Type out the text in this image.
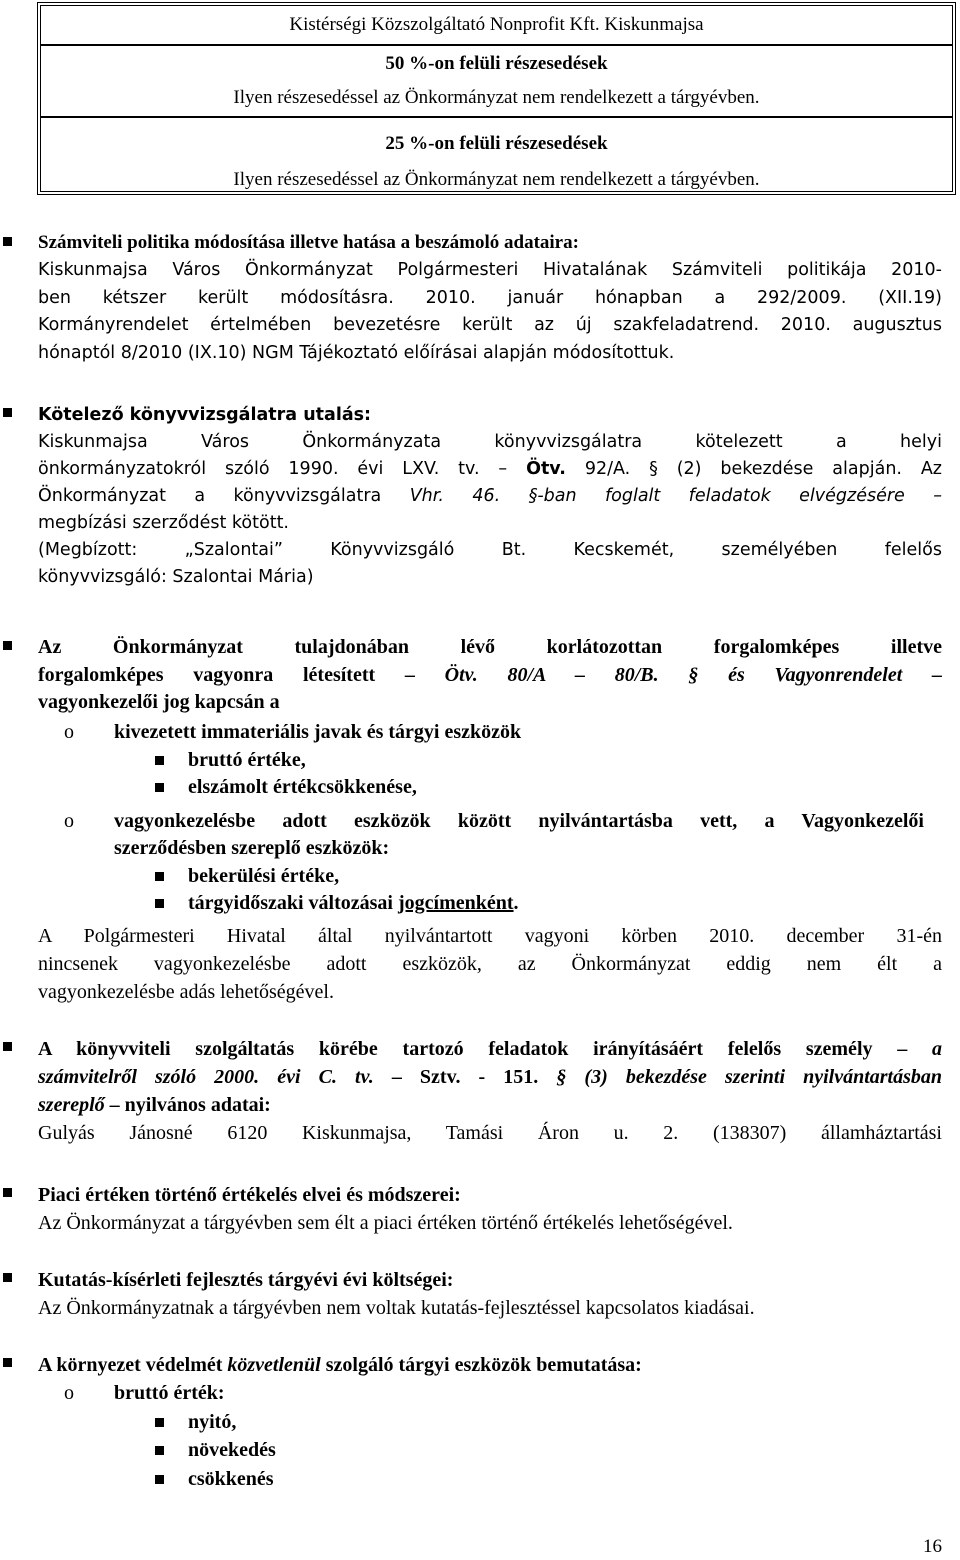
Kistérségi Közszolgáltató Nonprofit Kft. Kiskunmajsa
50 %-on felüli részesedések
Ilyen részesedéssel az Önkormányzat nem rendelkezett a tárgyévben.
25 %-on felüli részesedések
Ilyen részesedéssel az Önkormányzat nem rendelkezett a tárgyévben.

Számviteli politika módosítása illetve hatása a beszámoló adataira:

Kiskunmajsa Város Önkormányzat Polgármesteri Hivatalának Számviteli politikája 2010-

ben kétszer került módosításra. 2010. január hónapban a 292/2009. (XII.19)

Kormányrendelet értelmében bevezetésre került az új szakfeladatrend. 2010. augusztus

hónaptól 8/2010 (IX.10) NGM Tájékoztató előírásai alapján módosítottuk.

Kötelező könyvvizsgálatra utalás:

Kiskunmajsa Város Önkormányzata könyvvizsgálatra kötelezett a helyi

önkormányzatokról szóló 1990. évi LXV. tv. – Ötv. 92/A. § (2) bekezdése alapján. Az

Önkormányzat a könyvvizsgálatra Vhr. 46. §-ban foglalt feladatok elvégzésére –

megbízási szerződést kötött.

(Megbízott: „Szalontai” Könyvvizsgáló Bt. Kecskemét, személyében felelős

könyvvizsgáló: Szalontai Mária)

Az Önkormányzat tulajdonában lévő korlátozottan forgalomképes illetve

forgalomképes vagyonra létesített – Ötv. 80/A – 80/B. § és Vagyonrendelet –

vagyonkezelői jog kapcsán a

o kivezetett immateriális javak és tárgyi eszközök
bruttó értéke,
elszámolt értékcsökkenése,
o vagyonkezelésbe adott eszközök között nyilvántartásba vett, a Vagyonkezelői
szerződésben szereplő eszközök:
bekerülési értéke,
tárgyidőszaki változásai jogcímenként.

A Polgármesteri Hivatal által nyilvántartott vagyoni körben 2010. december 31-én

nincsenek vagyonkezelésbe adott eszközök, az Önkormányzat eddig nem élt a

vagyonkezelésbe adás lehetőségével.

A könyvviteli szolgáltatás körébe tartozó feladatok irányításáért felelős személy – a

számvitelről szóló 2000. évi C. tv. – Sztv. - 151. § (3) bekezdése szerinti nyilvántartásban

szereplő – nyilvános adatai:

Gulyás Jánosné 6120 Kiskunmajsa, Tamási Áron u. 2. (138307) államháztartási

Piaci értéken történő értékelés elvei és módszerei:

Az Önkormányzat a tárgyévben sem élt a piaci értéken történő értékelés lehetőségével.

Kutatás-kísérleti fejlesztés tárgyévi évi költségei:

Az Önkormányzatnak a tárgyévben nem voltak kutatás-fejlesztéssel kapcsolatos kiadásai.

A környezet védelmét közvetlenül szolgáló tárgyi eszközök bemutatása:

o bruttó érték:
nyitó,
növekedés
csökkenés
16
